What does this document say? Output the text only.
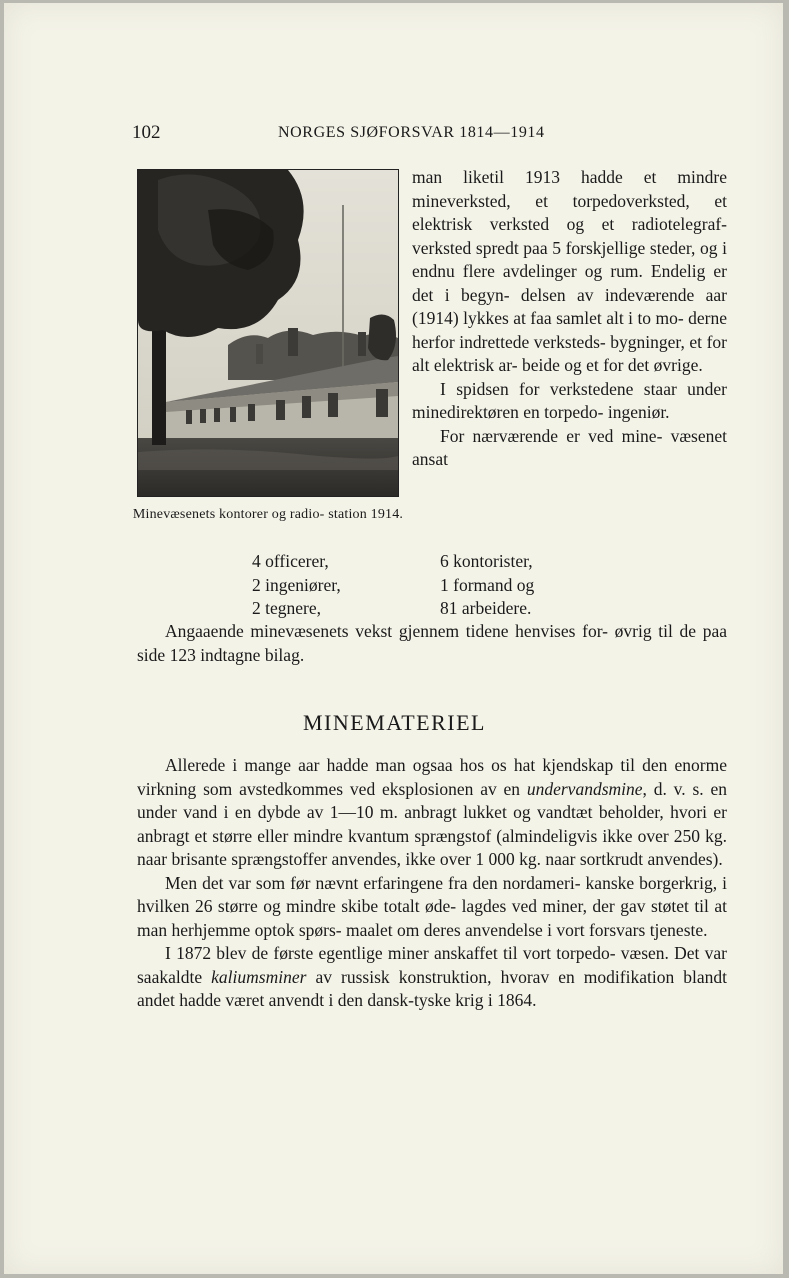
102	NORGES SJØFORSVAR 1814—1914
Minevæsenets kontorer og radio- station 1914.

man liketil 1913 hadde et mindre mineverksted, et torpedoverksted, et elektrisk verksted og et radiotelegraf- verksted spredt paa 5 forskjellige steder, og i endnu flere avdelinger og rum. Endelig er det i begyn- delsen av indeværende aar (1914) lykkes at faa samlet alt i to mo- derne herfor indrettede verksteds- bygninger, et for alt elektrisk ar- beide og et for det øvrige.

I spidsen for verkstedene staar under minedirektøren en torpedo- ingeniør.

For nærværende er ved mine- væsenet ansat

4 officerer,	6 kontorister,
2 ingeniører,	1 formand og
2 tegnere,	81 arbeidere.

Angaaende minevæsenets vekst gjennem tidene henvises for- øvrig til de paa side 123 indtagne bilag.

MINEMATERIEL

Allerede i mange aar hadde man ogsaa hos os hat kjendskap til den enorme virkning som avstedkommes ved eksplosionen av en undervandsmine, d. v. s. en under vand i en dybde av 1—10 m. anbragt lukket og vandtæt beholder, hvori er anbragt et større eller mindre kvantum sprængstof (almindeligvis ikke over 250 kg. naar brisante sprængstoffer anvendes, ikke over 1 000 kg. naar sortkrudt anvendes).

Men det var som før nævnt erfaringene fra den nordameri- kanske borgerkrig, i hvilken 26 større og mindre skibe totalt øde- lagdes ved miner, der gav støtet til at man herhjemme optok spørs- maalet om deres anvendelse i vort forsvars tjeneste.

I 1872 blev de første egentlige miner anskaffet til vort torpedo- væsen. Det var saakaldte kaliumsminer av russisk konstruktion, hvorav en modifikation blandt andet hadde været anvendt i den dansk-tyske krig i 1864.
